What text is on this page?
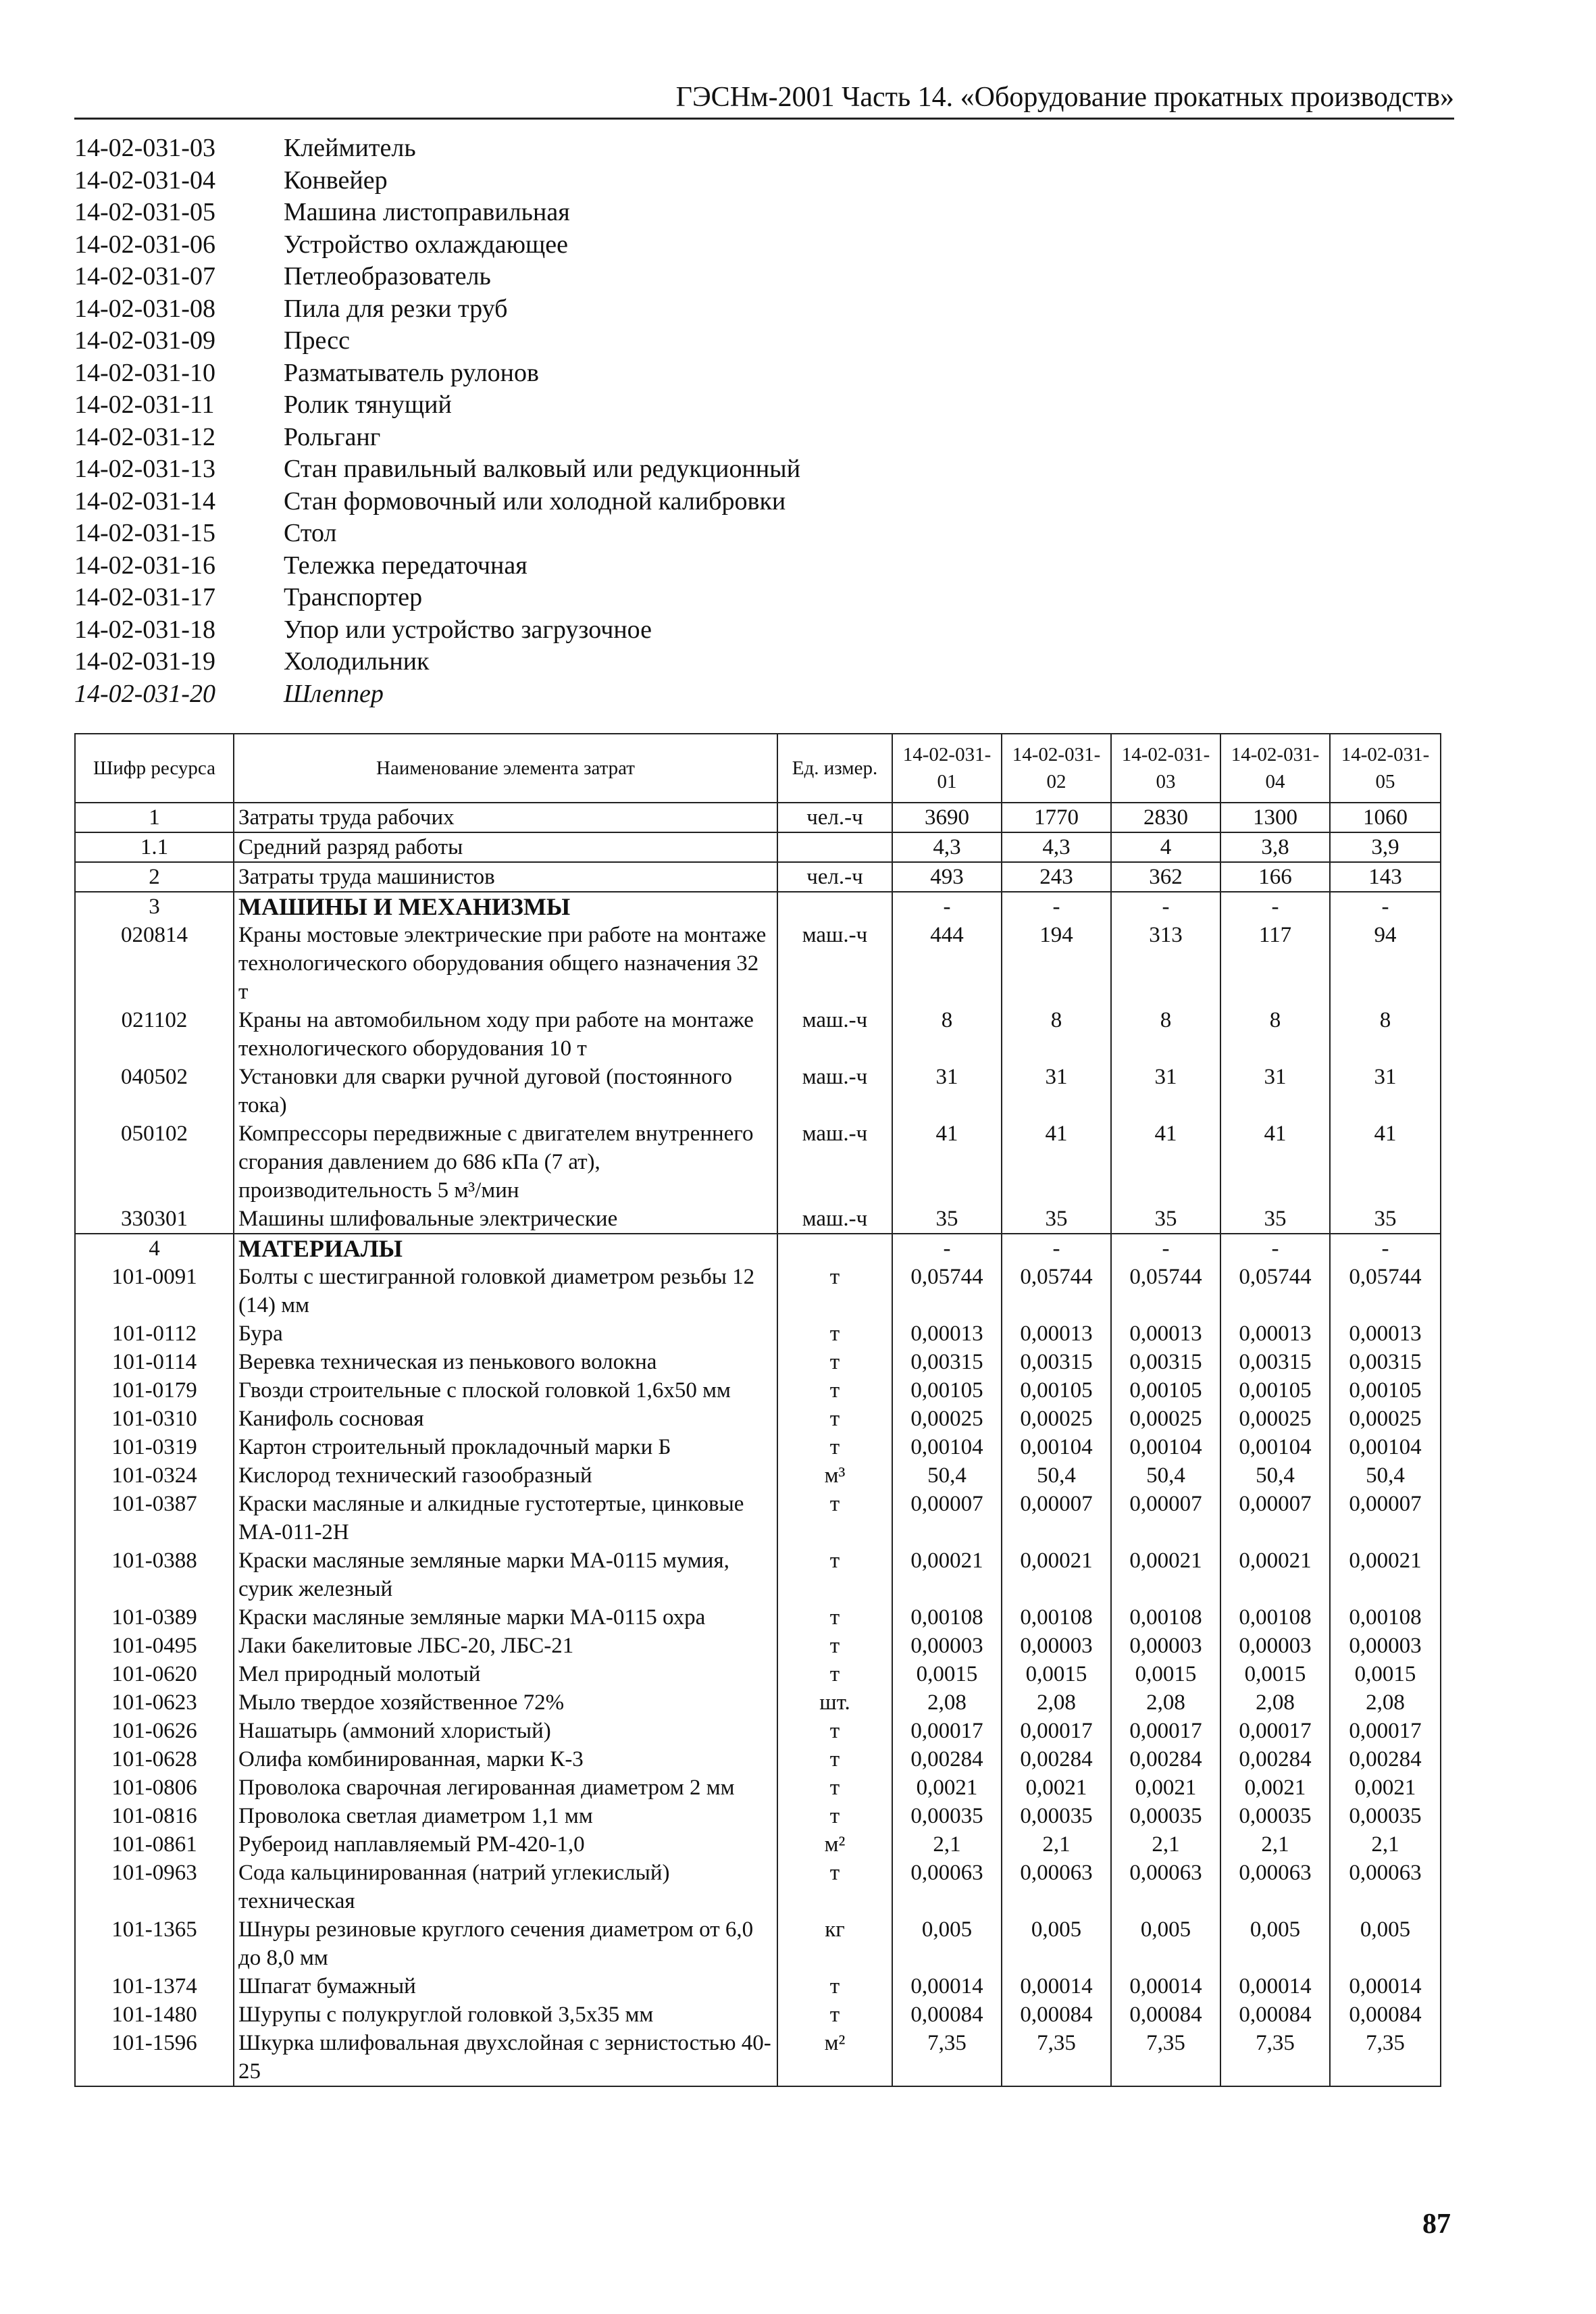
ГЭСНм-2001 Часть 14. «Оборудование прокатных производств»
14-02-031-03	Клеймитель
14-02-031-04	Конвейер
14-02-031-05	Машина листоправильная
14-02-031-06	Устройство охлаждающее
14-02-031-07	Петлеобразователь
14-02-031-08	Пила для резки труб
14-02-031-09	Пресс
14-02-031-10	Разматыватель рулонов
14-02-031-11	Ролик тянущий
14-02-031-12	Рольганг
14-02-031-13	Стан правильный валковый или редукционный
14-02-031-14	Стан формовочный или холодной калибровки
14-02-031-15	Стол
14-02-031-16	Тележка передаточная
14-02-031-17	Транспортер
14-02-031-18	Упор или устройство загрузочное
14-02-031-19	Холодильник
14-02-031-20	Шлеппер
Шифр ресурса	Наименование элемента затрат	Ед. измер.	14-02-031-01	14-02-031-02	14-02-031-03	14-02-031-04	14-02-031-05
1	Затраты труда рабочих	чел.-ч	3690	1770	2830	1300	1060
1.1	Средний разряд работы		4,3	4,3	4	3,8	3,9
2	Затраты труда машинистов	чел.-ч	493	243	362	166	143
3	МАШИНЫ И МЕХАНИЗМЫ		-	-	-	-	-
020814	Краны мостовые электрические при работе на монтаже технологического оборудования общего назначения 32 т	маш.-ч	444	194	313	117	94
021102	Краны на автомобильном ходу при работе на монтаже технологического оборудования 10 т	маш.-ч	8	8	8	8	8
040502	Установки для сварки ручной дуговой (постоянного тока)	маш.-ч	31	31	31	31	31
050102	Компрессоры передвижные с двигателем внутреннего сгорания давлением до 686 кПа (7 ат), производительность 5 м³/мин	маш.-ч	41	41	41	41	41
330301	Машины шлифовальные электрические	маш.-ч	35	35	35	35	35
4	МАТЕРИАЛЫ		-	-	-	-	-
101-0091	Болты с шестигранной головкой диаметром резьбы 12 (14) мм	т	0,05744	0,05744	0,05744	0,05744	0,05744
101-0112	Бура	т	0,00013	0,00013	0,00013	0,00013	0,00013
101-0114	Веревка техническая из пенькового волокна	т	0,00315	0,00315	0,00315	0,00315	0,00315
101-0179	Гвозди строительные с плоской головкой 1,6x50 мм	т	0,00105	0,00105	0,00105	0,00105	0,00105
101-0310	Канифоль сосновая	т	0,00025	0,00025	0,00025	0,00025	0,00025
101-0319	Картон строительный прокладочный марки Б	т	0,00104	0,00104	0,00104	0,00104	0,00104
101-0324	Кислород технический газообразный	м³	50,4	50,4	50,4	50,4	50,4
101-0387	Краски масляные и алкидные густотертые, цинковые МА-011-2Н	т	0,00007	0,00007	0,00007	0,00007	0,00007
101-0388	Краски масляные земляные марки МА-0115 мумия, сурик железный	т	0,00021	0,00021	0,00021	0,00021	0,00021
101-0389	Краски масляные земляные марки МА-0115 охра	т	0,00108	0,00108	0,00108	0,00108	0,00108
101-0495	Лаки бакелитовые ЛБС-20, ЛБС-21	т	0,00003	0,00003	0,00003	0,00003	0,00003
101-0620	Мел природный молотый	т	0,0015	0,0015	0,0015	0,0015	0,0015
101-0623	Мыло твердое хозяйственное 72%	шт.	2,08	2,08	2,08	2,08	2,08
101-0626	Нашатырь (аммоний хлористый)	т	0,00017	0,00017	0,00017	0,00017	0,00017
101-0628	Олифа комбинированная, марки К-3	т	0,00284	0,00284	0,00284	0,00284	0,00284
101-0806	Проволока сварочная легированная диаметром 2 мм	т	0,0021	0,0021	0,0021	0,0021	0,0021
101-0816	Проволока светлая диаметром 1,1 мм	т	0,00035	0,00035	0,00035	0,00035	0,00035
101-0861	Рубероид наплавляемый РМ-420-1,0	м²	2,1	2,1	2,1	2,1	2,1
101-0963	Сода кальцинированная (натрий углекислый) техническая	т	0,00063	0,00063	0,00063	0,00063	0,00063
101-1365	Шнуры резиновые круглого сечения диаметром от 6,0 до 8,0 мм	кг	0,005	0,005	0,005	0,005	0,005
101-1374	Шпагат бумажный	т	0,00014	0,00014	0,00014	0,00014	0,00014
101-1480	Шурупы с полукруглой головкой 3,5x35 мм	т	0,00084	0,00084	0,00084	0,00084	0,00084
101-1596	Шкурка шлифовальная двухслойная с зернистостью 40-25	м²	7,35	7,35	7,35	7,35	7,35
87
